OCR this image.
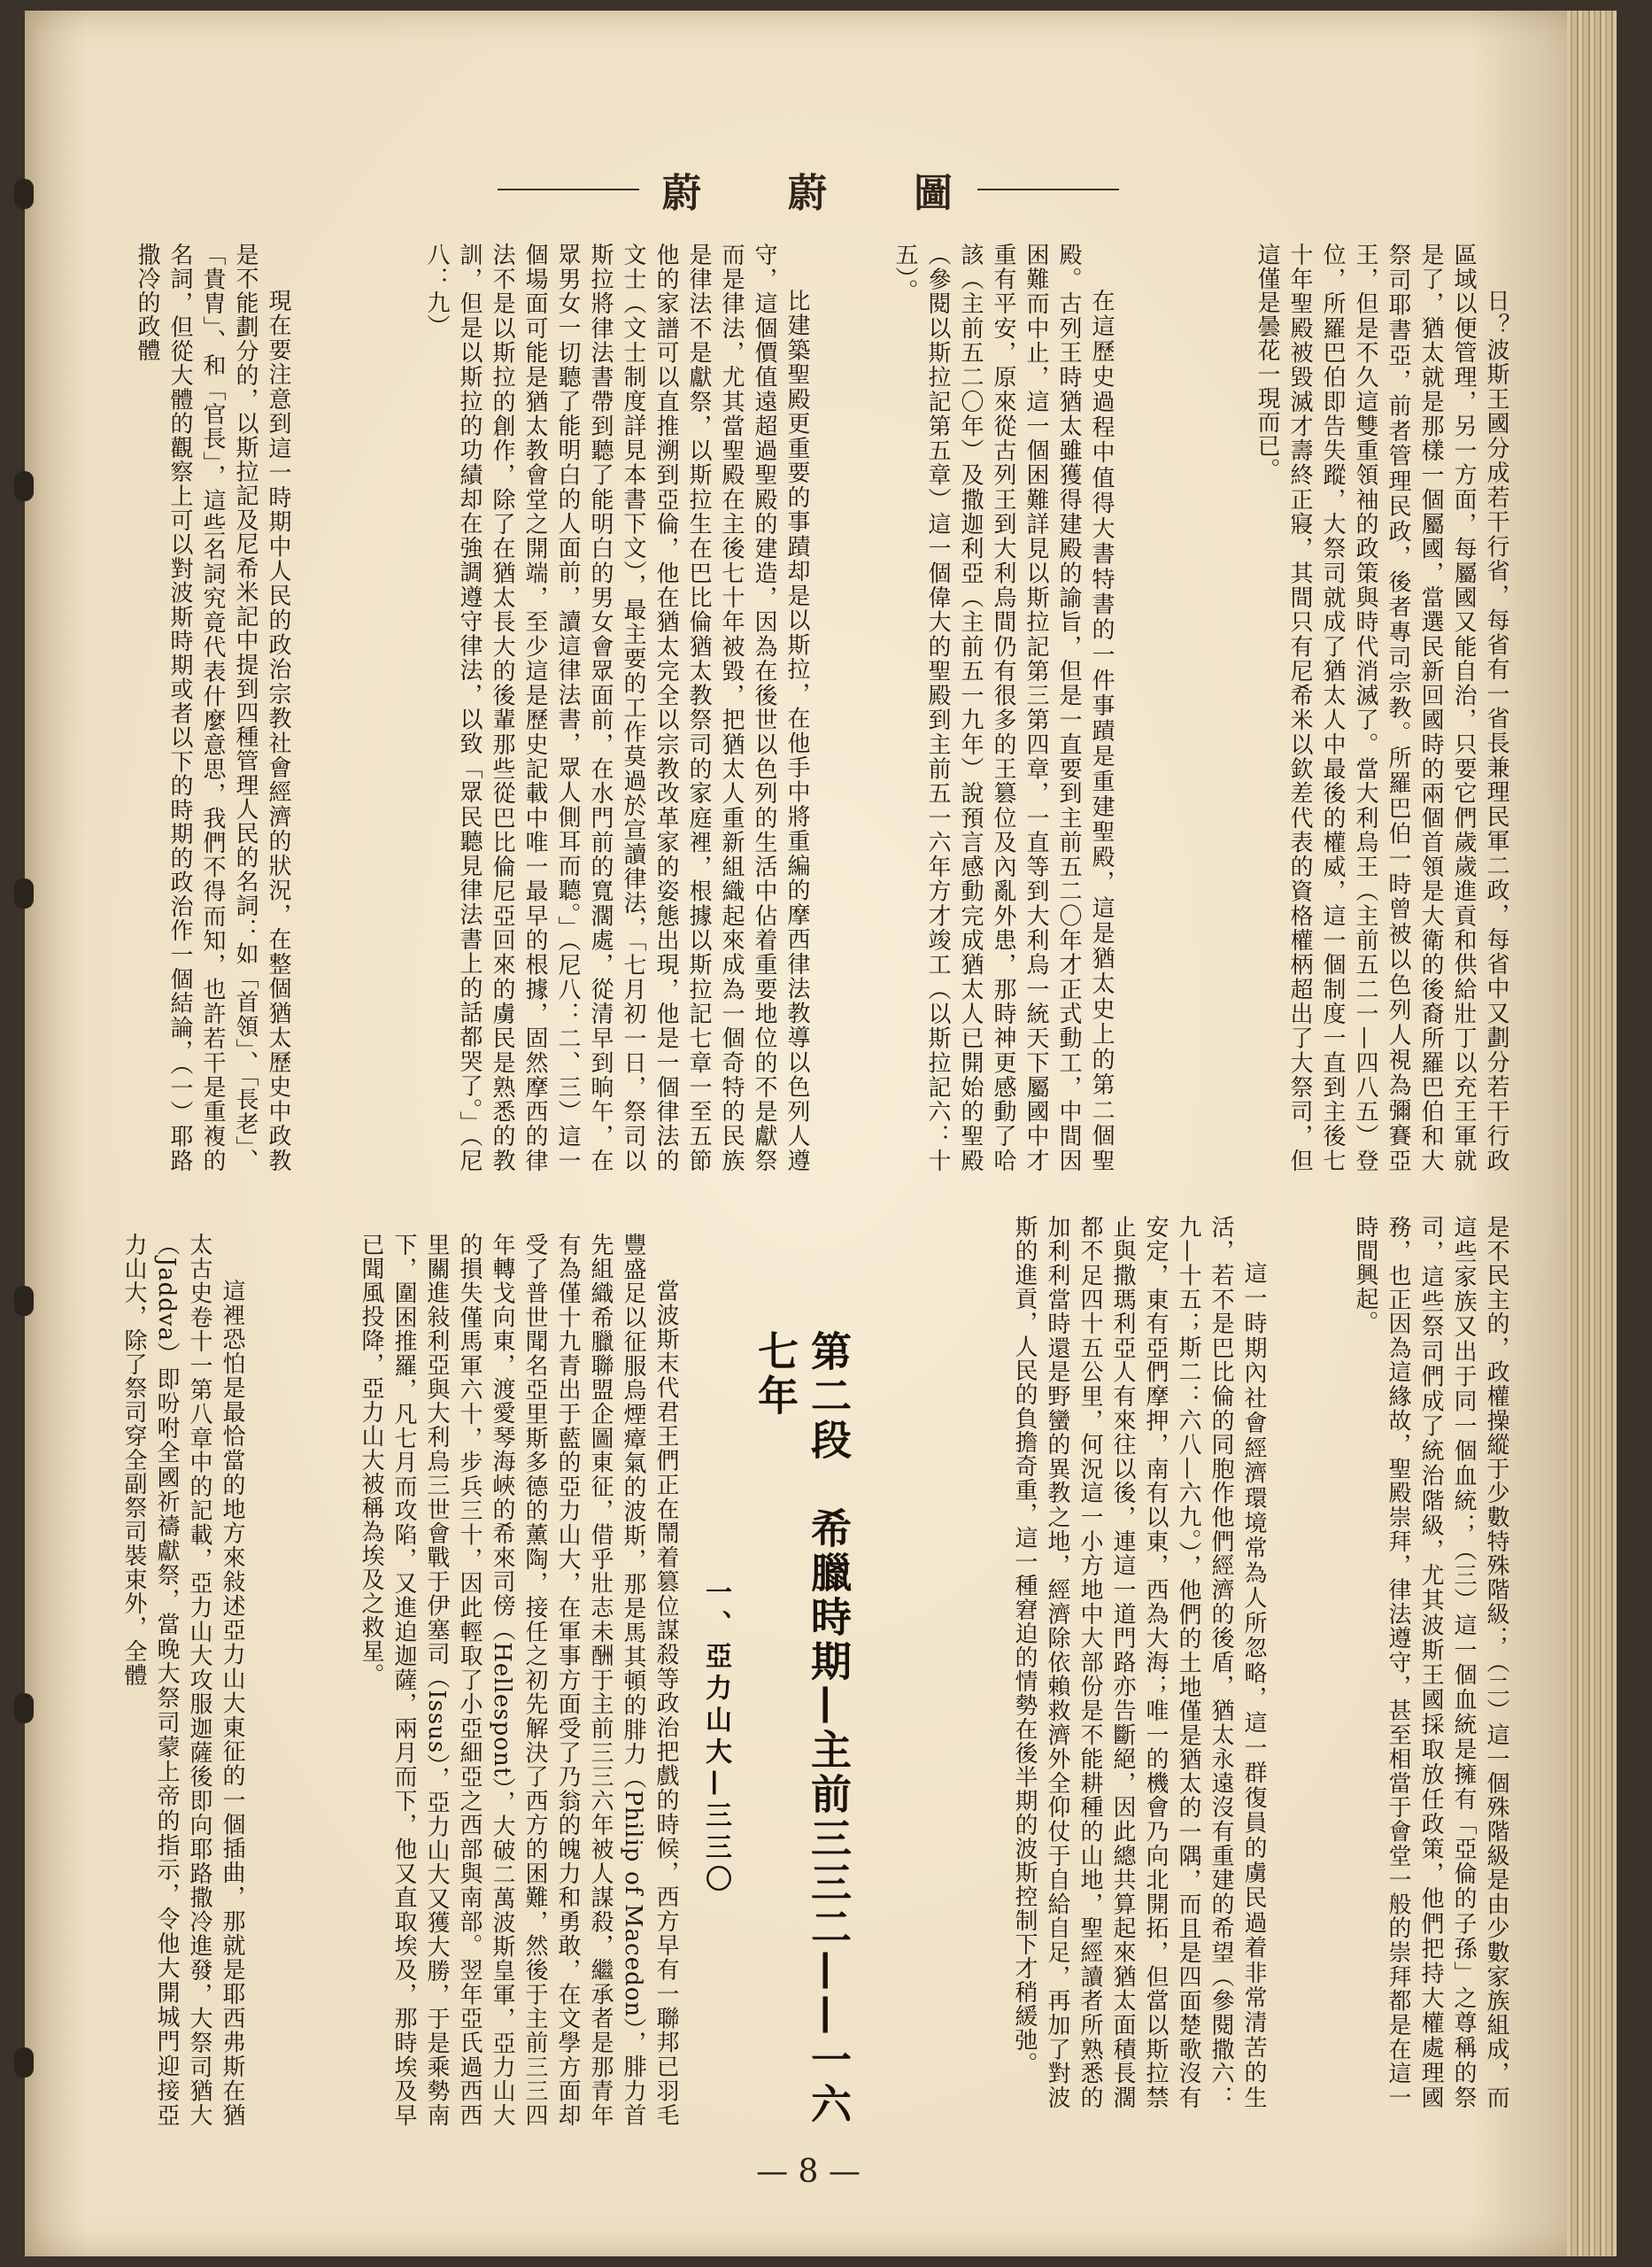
蔚 蔚 圖

日？波斯王國分成若干行省，每省有一省長兼理民軍二政，每省中又劃分若干行政區域以便管理，另一方面，每屬國又能自治，只要它們歲歲進貢和供給壯丁以充王軍就是了，猶太就是那樣一個屬國，當選民新回國時的兩個首領是大衛的後裔所羅巴伯和大祭司耶書亞，前者管理民政，後者專司宗教。所羅巴伯一時曾被以色列人視為彌賽亞王，但是不久這雙重領袖的政策與時代消滅了。當大利烏王（主前五二一—四八五）登位，所羅巴伯即告失蹤，大祭司就成了猶太人中最後的權威，這一個制度一直到主後七十年聖殿被毀滅才壽終正寢，其間只有尼希米以欽差代表的資格權柄超出了大祭司，但這僅是曇花一現而已。

在這歷史過程中值得大書特書的一件事蹟是重建聖殿，這是猶太史上的第二個聖殿。古列王時猶太雖獲得建殿的諭旨，但是一直要到主前五二〇年才正式動工，中間因困難而中止，這一個困難詳見以斯拉記第三第四章，一直等到大利烏一統天下屬國中才重有平安，原來從古列王到大利烏間仍有很多的王篡位及內亂外患，那時神更感動了哈該（主前五二〇年）及撒迦利亞（主前五一九年）說預言感動完成猶太人已開始的聖殿（參閱以斯拉記第五章）這一個偉大的聖殿到主前五一六年方才竣工（以斯拉記六：十五）。

比建築聖殿更重要的事蹟却是以斯拉，在他手中將重編的摩西律法教導以色列人遵守，這個價值遠超過聖殿的建造，因為在後世以色列的生活中佔着重要地位的不是獻祭而是律法，尤其當聖殿在主後七十年被毀，把猶太人重新組織起來成為一個奇特的民族是律法不是獻祭，以斯拉生在巴比倫猶太教祭司的家庭裡，根據以斯拉記七章一至五節他的家譜可以直推溯到亞倫，他在猶太完全以宗教改革家的姿態出現，他是一個律法的文士（文士制度詳見本書下文），最主要的工作莫過於宣讀律法，「七月初一日，祭司以斯拉將律法書帶到聽了能明白的男女會眾面前，在水門前的寬濶處，從清早到晌午，在眾男女一切聽了能明白的人面前，讀這律法書，眾人側耳而聽。」（尼八：二、三）這一個場面可能是猶太教會堂之開端，至少這是歷史記載中唯一最早的根據，固然摩西的律法不是以斯拉的創作，除了在猶太長大的後輩那些從巴比倫尼亞回來的虜民是熟悉的教訓，但是以斯拉的功績却在強調遵守律法，以致「眾民聽見律法書上的話都哭了。」（尼八：九）

現在要注意到這一時期中人民的政治宗教社會經濟的狀況，在整個猶太歷史中政教是不能劃分的，以斯拉記及尼希米記中提到四種管理人民的名詞：如「首領」、「長老」、「貴胄」、和「官長」，這些名詞究竟代表什麼意思，我們不得而知，也許若干是重複的名詞，但從大體的觀察上可以對波斯時期或者以下的時期的政治作一個結論，（一）耶路撒冷的政體

是不民主的，政權操縱于少數特殊階級；（二）這一個殊階級是由少數家族組成，而這些家族又出于同一個血統；（三）這一個血統是擁有「亞倫的子孫」之尊稱的祭司，這些祭司們成了統治階級，尤其波斯王國採取放任政策，他們把持大權處理國務，也正因為這緣故，聖殿崇拜，律法遵守，甚至相當于會堂一般的崇拜都是在這一時間興起。

這一時期內社會經濟環境常為人所忽略，這一群復員的虜民過着非常清苦的生活，若不是巴比倫的同胞作他們經濟的後盾，猶太永遠沒有重建的希望（參閱撒六：九—十五；斯二：六八—六九。），他們的土地僅是猶太的一隅，而且是四面楚歌沒有安定，東有亞們摩押，南有以東，西為大海；唯一的機會乃向北開拓，但當以斯拉禁止與撒瑪利亞人有來往以後，連這一道門路亦告斷絕，因此總共算起來猶太面積長濶都不足四十五公里，何況這一小方地中大部份是不能耕種的山地，聖經讀者所熟悉的加利利當時還是野蠻的異教之地，經濟除依賴救濟外全仰仗于自給自足，再加了對波斯的進貢，人民的負擔奇重，這一種窘迫的情勢在後半期的波斯控制下才稍緩弛。

第二段　希臘時期—主前三三二——一六七年
一、亞力山大—三三〇

當波斯末代君王們正在鬧着篡位謀殺等政治把戲的時候，西方早有一聯邦已羽毛豐盛足以征服烏煙瘴氣的波斯，那是馬其頓的腓力（Philip of Macedon），腓力首先組織希臘聯盟企圖東征，借乎壯志未酬于主前三三六年被人謀殺，繼承者是那青年有為僅十九青出于藍的亞力山大，在軍事方面受了乃翁的魄力和勇敢，在文學方面却受了普世聞名亞里斯多德的薰陶，接任之初先解決了西方的困難，然後于主前三三四年轉戈向東，渡愛琴海峽的希來司傍（Hellespont），大破二萬波斯皇軍，亞力山大的損失僅馬軍六十，步兵三十，因此輕取了小亞細亞之西部與南部。翌年亞氏過西西里關進敍利亞與大利烏三世會戰于伊塞司（Issus），亞力山大又獲大勝，于是乘勢南下，圍困推羅，凡七月而攻陷，又進迫迦薩，兩月而下，他又直取埃及，那時埃及早已聞風投降，亞力山大被稱為埃及之救星。

這裡恐怕是最恰當的地方來敍述亞力山大東征的一個插曲，那就是耶西弗斯在猶太古史卷十一第八章中的記載，亞力山大攻服迦薩後即向耶路撒冷進發，大祭司猶大（Jaddva）即吩咐全國祈禱獻祭，當晚大祭司蒙上帝的指示，令他大開城門迎接亞力山大，除了祭司穿全副祭司裝束外，全體

— 8 —
